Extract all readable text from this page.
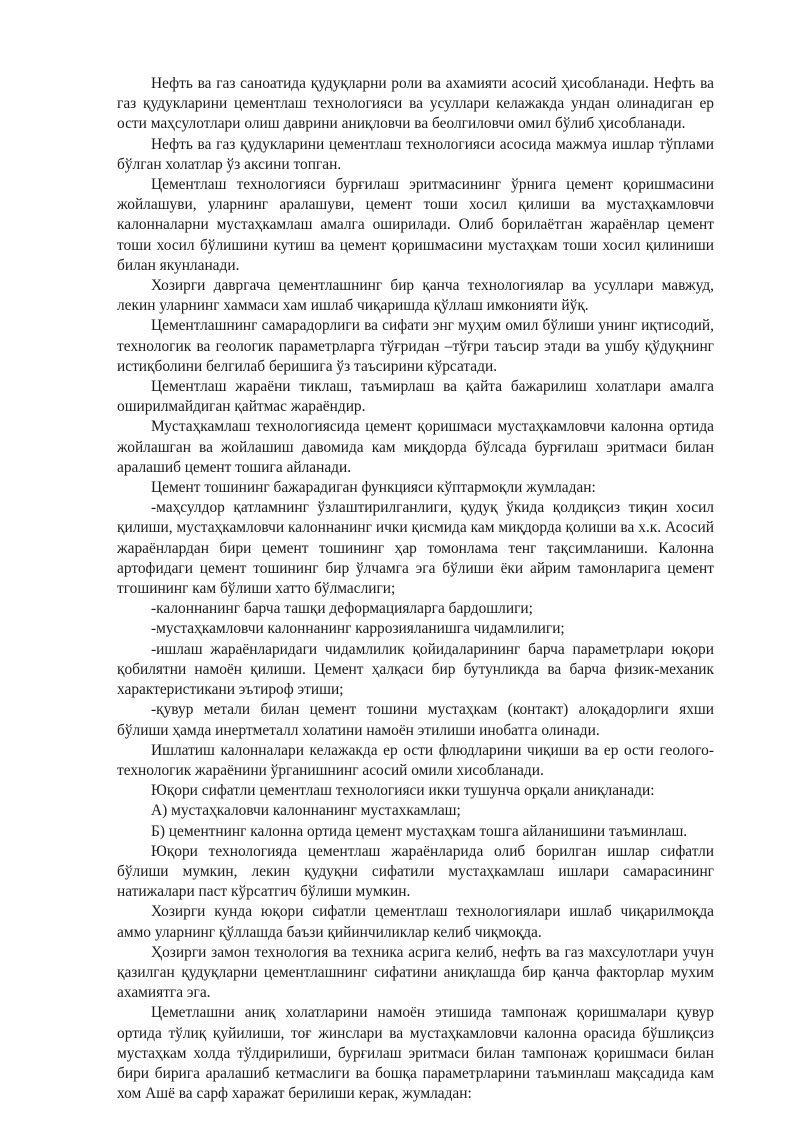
Нефть ва газ саноатида қудуқларни роли ва ахамияти асосий ҳисобланади. Нефть ва газ қудукларини цементлаш технологияси ва усуллари келажакда ундан олинадиган ер ости маҳсулотлари олиш даврини аниқловчи ва беолгиловчи омил бўлиб ҳисобланади.

Нефть ва газ қудукларини цементлаш технологияси асосида мажмуа ишлар тўплами бўлган холатлар ўз аксини топган.

Цементлаш технологияси бурғилаш эритмасининг ўрнига цемент қоришмасини жойлашуви, уларнинг аралашуви, цемент тоши хосил қилиши ва мустаҳкамловчи калонналарни мустаҳкамлаш амалга оширилади. Олиб борилаётган жараёнлар цемент тоши хосил бўлишини кутиш ва цемент қоришмасини мустаҳкам тоши хосил қилиниши билан якунланади.

Хозирги давргача цементлашнинг бир қанча технологиялар ва усуллари мавжуд, лекин уларнинг хаммаси хам ишлаб чиқаришда қўллаш имконияти йўқ.

Цементлашнинг самарадорлиги ва сифати энг муҳим омил бўлиши унинг иқтисодий, технологик ва геологик параметрларга тўғридан –тўғри таъсир этади ва ушбу қўдуқнинг истиқболини белгилаб беришига ўз таъсирини кўрсатади.

Цементлаш жараёни тиклаш, таъмирлаш ва қайта бажарилиш холатлари амалга оширилмайдиган қайтмас жараёндир.

Мустаҳкамлаш технологиясида цемент қоришмаси мустаҳкамловчи калонна ортида жойлашган ва жойлашиш давомида кам миқдорда бўлсада бурғилаш эритмаси билан аралашиб цемент тошига айланади.

Цемент тошининг бажарадиган функцияси кўптармоқли жумладан:

-маҳсулдор қатламнинг ўзлаштирилганлиги, қудуқ ўкида қолдиқсиз тиқин хосил қилиши, мустаҳкамловчи калоннанинг ички қисмида кам миқдорда қолиши ва х.к. Асосий жараёнлардан бири цемент тошининг ҳар томонлама тенг тақсимланиши. Калонна артофидаги цемент тошининг бир ўлчамга эга бўлиши ёки айрим тамонларига цемент тгошининг кам бўлиши хатто бўлмаслиги;

-калоннанинг барча ташқи деформацияларга бардошлиги;

-мустаҳкамловчи калоннанинг каррозияланишга чидамлилиги;

-ишлаш жараёнларидаги чидамлилик қойидаларининг барча параметрлари юқори қобилятни намоён қилиши. Цемент ҳалқаси бир бутунликда ва барча физик-механик характеристикани эътироф этиши;

-қувур метали билан цемент тошини мустаҳкам (контакт) алоқадорлиги яхши бўлиши ҳамда инертметалл холатини намоён этилиши инобатга олинади.

Ишлатиш калонналари келажакда ер ости флюдларини чиқиши ва ер ости геолого-технологик жараёнини ўрганишнинг асосий омили хисобланади.

Юқори сифатли цементлаш технологияси икки тушунча орқали аниқланади:

А) мустаҳкаловчи калоннанинг мустахкамлаш;

Б) цементнинг калонна ортида цемент мустаҳкам тошга айланишини таъминлаш.

Юқори технологияда цементлаш жараёнларида олиб борилган ишлар сифатли бўлиши мумкин, лекин қудуқни сифатили мустаҳкамлаш ишлари самарасининг натижалари паст кўрсатгич бўлиши мумкин.

Хозирги кунда юқори сифатли цементлаш технологиялари ишлаб чиқарилмоқда аммо уларнинг қўллашда баъзи қийинчиликлар келиб чиқмоқда.

Ҳозирги замон технология ва техника асрига келиб, нефть ва газ махсулотлари учун қазилган қудуқларни цементлашнинг сифатини аниқлашда бир қанча факторлар мухим ахамиятга эга.

Цеметлашни аниқ холатларини намоён этишида тампонаж қоришмалари қувур ортида тўлиқ қуйилиши, тоғ жинслари ва мустаҳкамловчи калонна орасида бўшлиқсиз мустаҳкам холда тўлдирилиши, бурғилаш эритмаси билан тампонаж қоришмаси билан бири бирига аралашиб кетмаслиги ва бошқа параметрларини таъминлаш мақсадида кам хом Ашё ва сарф харажат берилиши керак, жумладан:
